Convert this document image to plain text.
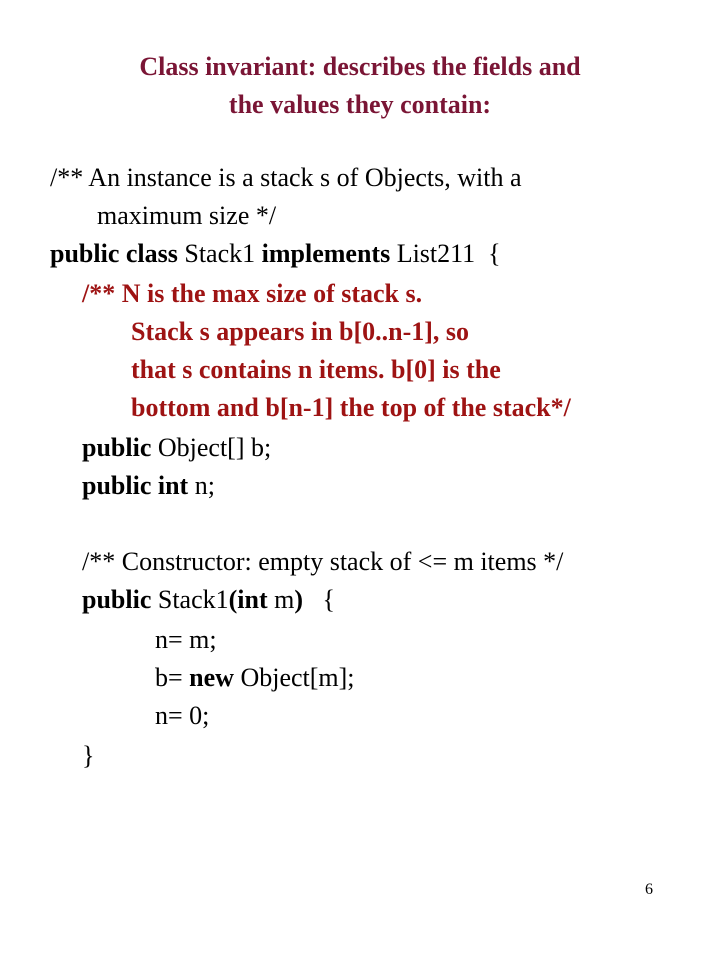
Class invariant: describes the fields and
the values they contain:
/** An instance is a stack s of Objects, with a
maximum size */
public class Stack1 implements List211  {
/** N is the max size of stack s.
Stack s appears in b[0..n-1], so
that s contains n items. b[0] is the
bottom and b[n-1] the top of the stack*/
public Object[] b;
public int n;
/** Constructor: empty stack of <= m items */
public Stack1(int m)   {
n= m;
b= new Object[m];
n= 0;
}
6
